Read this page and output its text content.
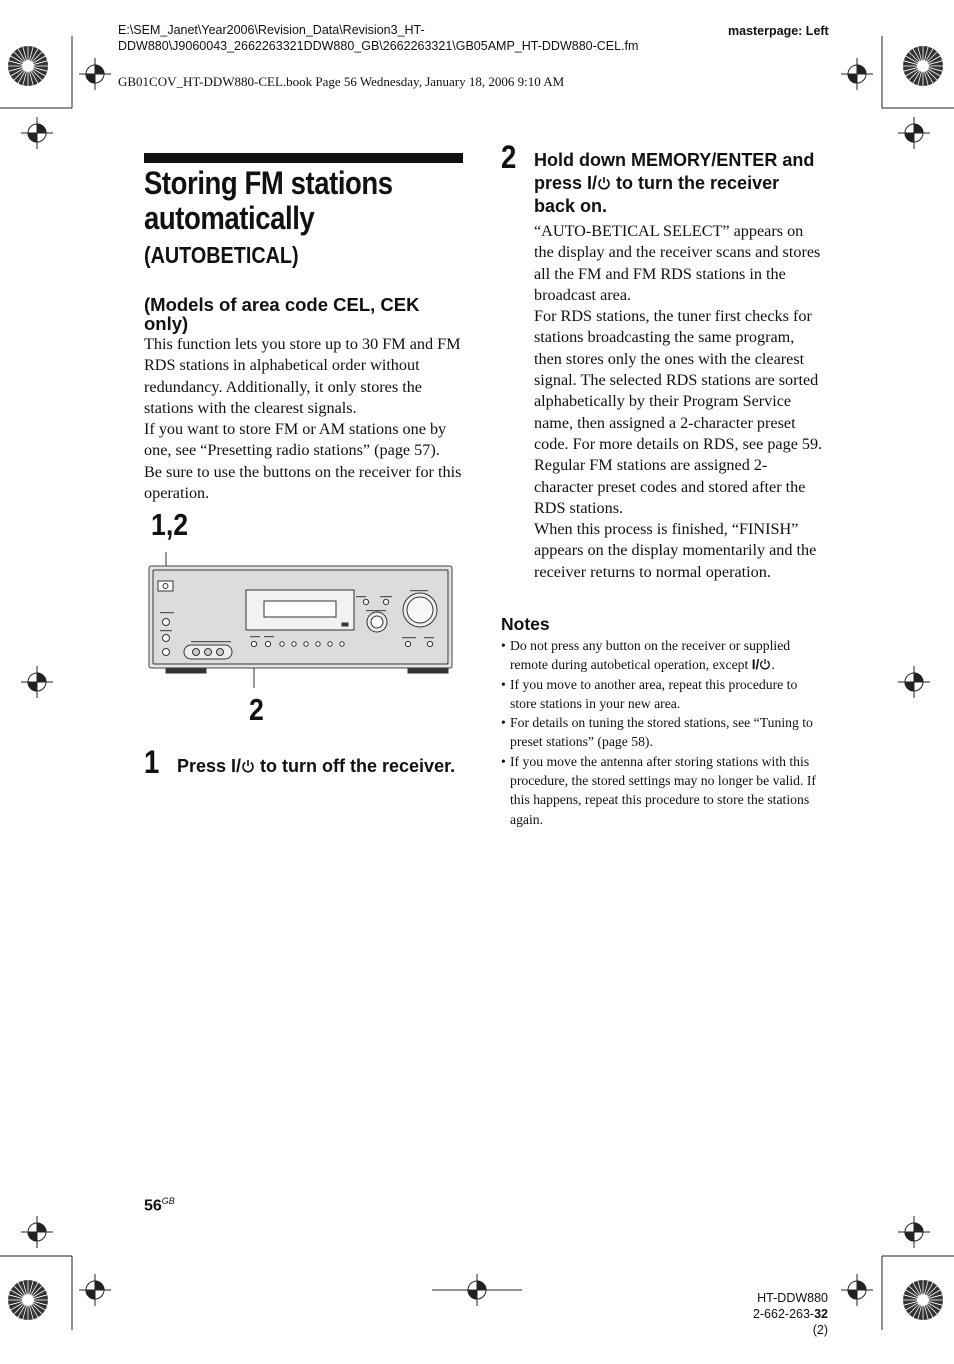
E:\SEM_Janet\Year2006\Revision_Data\Revision3_HT-
DDW880\J9060043_2662263321DDW880_GB\2662263321\GB05AMP_HT-DDW880-CEL.fm
masterpage: Left
GB01COV_HT-DDW880-CEL.book Page 56 Wednesday, January 18, 2006 9:10 AM
Storing FM stations automatically
(AUTOBETICAL)
(Models of area code CEL, CEK only)

This function lets you store up to 30 FM and FM RDS stations in alphabetical order without redundancy. Additionally, it only stores the stations with the clearest signals.

If you want to store FM or AM stations one by one, see “Presetting radio stations” (page 57).

Be sure to use the buttons on the receiver for this operation.

1,2
2
1 Press I/ to turn off the receiver.
2 Hold down MEMORY/ENTER and press I/ to turn the receiver back on.

“AUTO-BETICAL SELECT” appears on the display and the receiver scans and stores all the FM and FM RDS stations in the broadcast area.

For RDS stations, the tuner first checks for stations broadcasting the same program, then stores only the ones with the clearest signal. The selected RDS stations are sorted alphabetically by their Program Service name, then assigned a 2-character preset code. For more details on RDS, see page 59.

Regular FM stations are assigned 2-character preset codes and stored after the RDS stations.

When this process is finished, “FINISH” appears on the display momentarily and the receiver returns to normal operation.

Notes
• Do not press any button on the receiver or supplied remote during autobetical operation, except I/ .
• If you move to another area, repeat this procedure to store stations in your new area.
• For details on tuning the stored stations, see “Tuning to preset stations” (page 58).
• If you move the antenna after storing stations with this procedure, the stored settings may no longer be valid. If this happens, repeat this procedure to store the stations again.
$56^{GB}$
HT-DDW880
2-662-263-32 (2)
